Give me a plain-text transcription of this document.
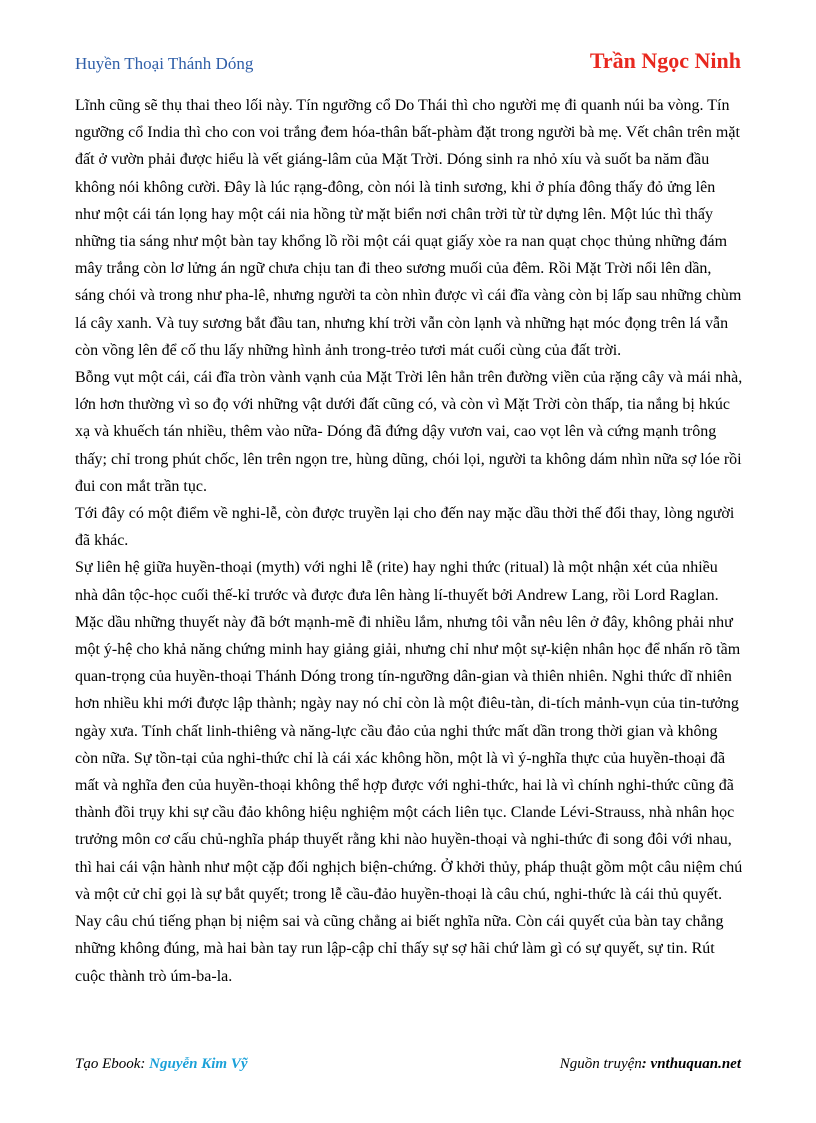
Huyền Thoại Thánh Dóng	Trần Ngọc Ninh

Lĩnh cũng sẽ thụ thai theo lối này. Tín ngưỡng cổ Do Thái thì cho người mẹ đi quanh núi ba vòng. Tín ngưỡng cổ India thì cho con voi trắng đem hóa-thân bất-phàm đặt trong người bà mẹ. Vết chân trên mặt đất ở vườn phải được hiểu là vết giáng-lâm của Mặt Trời. Dóng sinh ra nhỏ xíu và suốt ba năm đầu không nói không cười. Đây là lúc rạng-đông, còn nói là tinh sương, khi ở phía đông thấy đỏ ửng lên như một cái tán lọng hay một cái nia hồng từ mặt biển nơi chân trời từ từ dựng lên. Một lúc thì thấy những tia sáng như một bàn tay khổng lồ rồi một cái quạt giấy xòe ra nan quạt chọc thủng những đám mây trắng còn lơ lửng án ngữ chưa chịu tan đi theo sương muối của đêm. Rồi Mặt Trời nổi lên dần, sáng chói và trong như pha-lê, nhưng người ta còn nhìn được vì cái đĩa vàng còn bị lấp sau những chùm lá cây xanh. Và tuy sương bắt đầu tan, nhưng khí trời vẫn còn lạnh và những hạt móc đọng trên lá vẫn còn vồng lên để cố thu lấy những hình ảnh trong-trẻo tươi mát cuối cùng của đất trời.

Bỗng vụt một cái, cái đĩa tròn vành vạnh của Mặt Trời lên hẳn trên đường viền của rặng cây và mái nhà, lớn hơn thường vì so đọ với những vật dưới đất cũng có, và còn vì Mặt Trời còn thấp, tia nắng bị hkúc xạ và khuếch tán nhiều, thêm vào nữa- Dóng đã đứng dậy vươn vai, cao vọt lên và cứng mạnh trông thấy; chỉ trong phút chốc, lên trên ngọn tre, hùng dũng, chói lọi, người ta không dám nhìn nữa sợ lóe rồi đui con mắt trần tục.

Tới đây có một điểm về nghi-lễ, còn được truyền lại cho đến nay mặc dầu thời thế đổi thay, lòng người đã khác.

Sự liên hệ giữa huyền-thoại (myth) với nghi lễ (rite) hay nghi thức (ritual) là một nhận xét của nhiều nhà dân tộc-học cuối thế-kỉ trước và được đưa lên hàng lí-thuyết bởi Andrew Lang, rồi Lord Raglan. Mặc dầu những thuyết này đã bớt mạnh-mẽ đi nhiều lắm, nhưng tôi vẫn nêu lên ở đây, không phải như một ý-hệ cho khả năng chứng minh hay giảng giải, nhưng chỉ như một sự-kiện nhân học để nhấn rõ tầm quan-trọng của huyền-thoại Thánh Dóng trong tín-ngưỡng dân-gian và thiên nhiên. Nghi thức dĩ nhiên hơn nhiều khi mới được lập thành; ngày nay nó chỉ còn là một điêu-tàn, di-tích mảnh-vụn của tin-tưởng ngày xưa. Tính chất linh-thiêng và năng-lực cầu đảo của nghi thức mất dần trong thời gian và không còn nữa. Sự tồn-tại của nghi-thức chỉ là cái xác không hồn, một là vì ý-nghĩa thực của huyền-thoại đã mất và nghĩa đen của huyền-thoại không thể hợp được với nghi-thức, hai là vì chính nghi-thức cũng đã thành đồi trụy khi sự cầu đảo không hiệu nghiệm một cách liên tục. Clande Lévi-Strauss, nhà nhân học trưởng môn cơ cấu chủ-nghĩa pháp thuyết rằng khi nào huyền-thoại và nghi-thức đi song đôi với nhau, thì hai cái vận hành như một cặp đối nghịch biện-chứng. Ở khởi thủy, pháp thuật gồm một câu niệm chú và một cử chỉ gọi là sự bắt quyết; trong lễ cầu-đảo huyền-thoại là câu chú, nghi-thức là cái thủ quyết. Nay câu chú tiếng phạn bị niệm sai và cũng chẳng ai biết nghĩa nữa. Còn cái quyết của bàn tay chẳng những không đúng, mà hai bàn tay run lập-cập chỉ thấy sự sợ hãi chứ làm gì có sự quyết, sự tin. Rút cuộc thành trò úm-ba-la.

Tạo Ebook: Nguyễn Kim Vỹ	Nguồn truyện: vnthuquan.net
